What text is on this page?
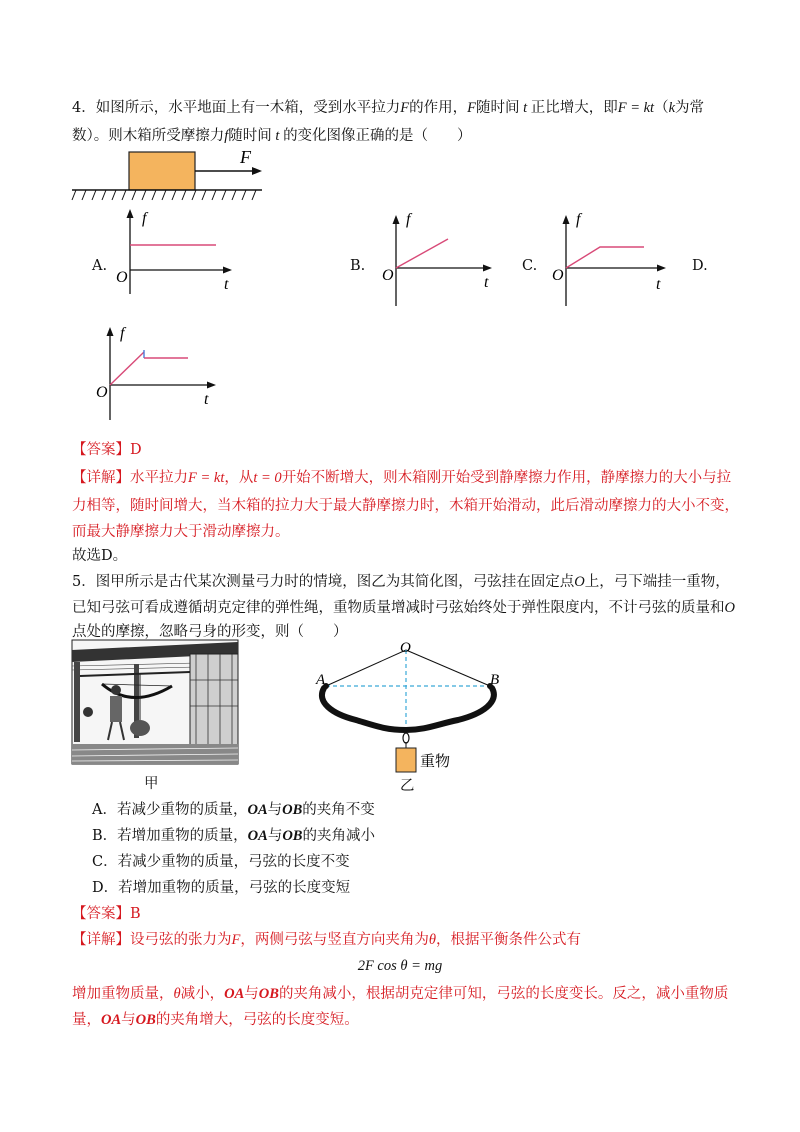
4．如图所示，水平地面上有一木箱，受到水平拉力F的作用，F随时间 t 正比增大，即F = kt（k为常
数）。则木箱所受摩擦力f随时间 t 的变化图像正确的是（　　）
F
A.	B.	C.	D.
f
O	t
f
O	t
f
O
t
f
O	t
【答案】D
【详解】水平拉力F = kt，从t = 0开始不断增大，则木箱刚开始受到静摩擦力作用，静摩擦力的大小与拉
力相等，随时间增大，当木箱的拉力大于最大静摩擦力时，木箱开始滑动，此后滑动摩擦力的大小不变，
而最大静摩擦力大于滑动摩擦力。
故选D。
5．图甲所示是古代某次测量弓力时的情境，图乙为其简化图，弓弦挂在固定点O上，弓下端挂一重物，
已知弓弦可看成遵循胡克定律的弹性绳，重物质量增减时弓弦始终处于弹性限度内，不计弓弦的质量和O
点处的摩擦，忽略弓身的形变，则（　　）
甲
O
A	B
重物
乙
A．若减少重物的质量，OA与OB的夹角不变
B．若增加重物的质量，OA与OB的夹角减小
C．若减少重物的质量，弓弦的长度不变
D．若增加重物的质量，弓弦的长度变短
【答案】B
【详解】设弓弦的张力为F，两侧弓弦与竖直方向夹角为θ，根据平衡条件公式有
2F cos θ = mg
增加重物质量，θ减小，OA与OB的夹角减小，根据胡克定律可知，弓弦的长度变长。反之，减小重物质
量，OA与OB的夹角增大，弓弦的长度变短。
